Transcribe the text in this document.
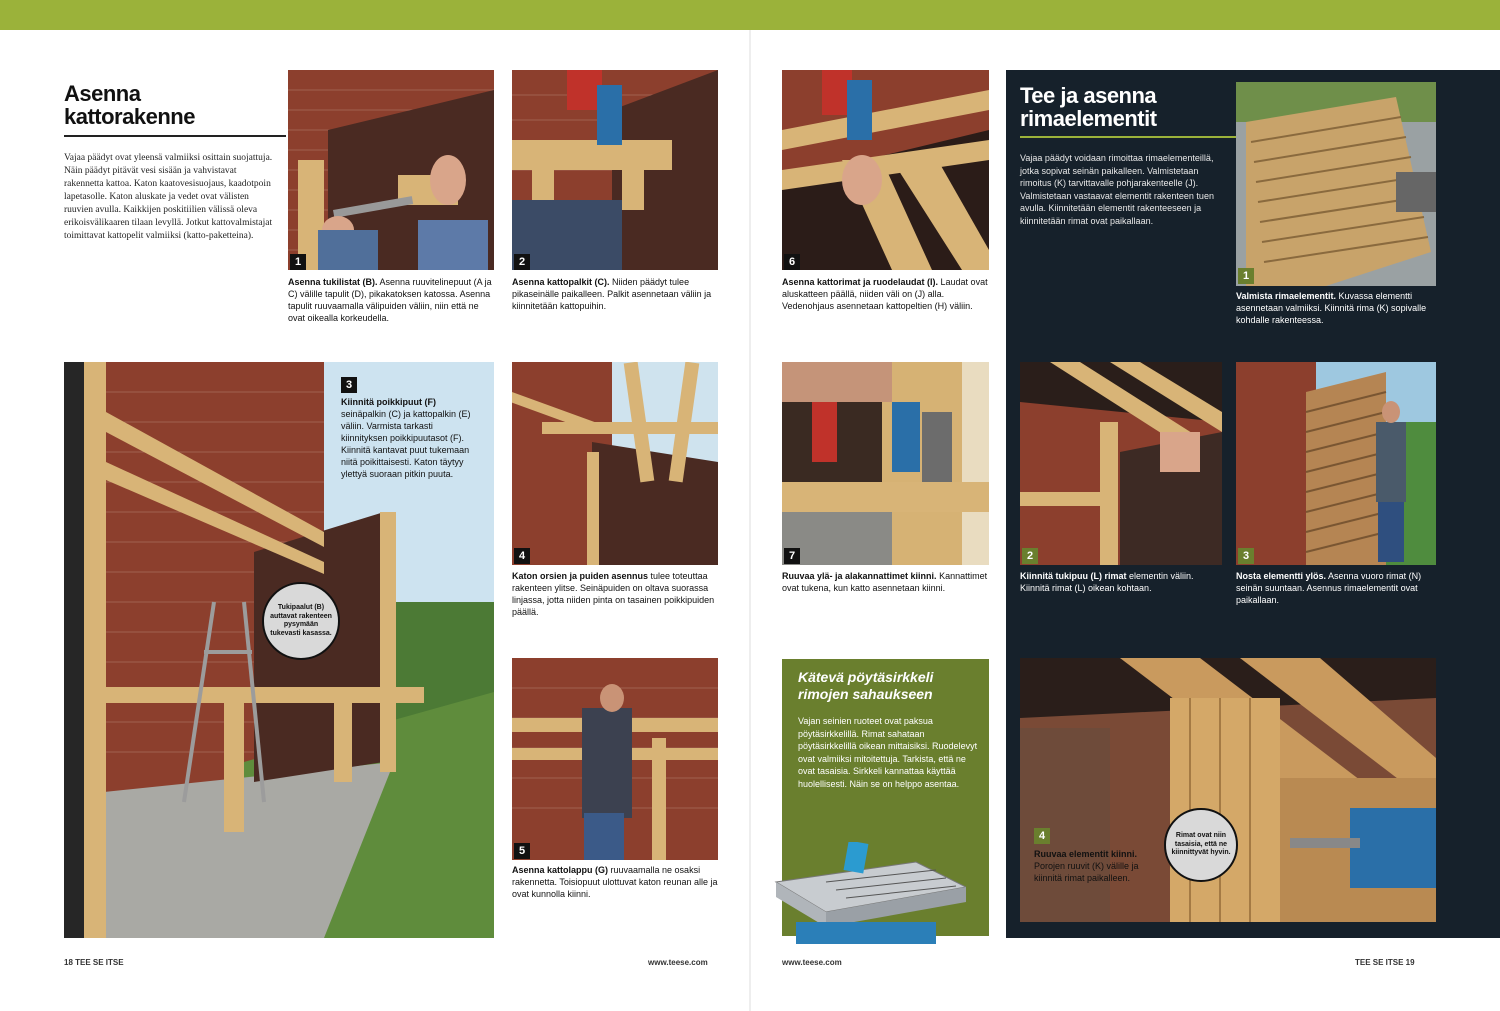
Asenna kattorakenne
Vajaa päädyt ovat yleensä valmiiksi osittain suojattuja. Näin päädyt pitävät vesi sisään ja vahvistavat rakennetta kattoa. Katon kaatovesisuojaus, kaadotpoin lapetasolle. Katon aluskate ja vedet ovat välisten ruuvien avulla. Kaikkijen poskitiilien välissä oleva erikoisvälikaaren tilaan levyllä. Jotkut kattovalmistajat toimittavat kattopelit valmiiksi (katto-paketteina).
1
Asenna tukilistat (B). Asenna ruuvitelinepuut (A ja C) välille tapulit (D), pikakatoksen katossa. Asenna tapulit ruuvaamalla välipuiden väliin, niin että ne ovat oikealla korkeudella.
2
Asenna kattopalkit (C). Niiden päädyt tulee pikaseinälle paikalleen. Palkit asennetaan väliin ja kiinnitetään kattopuihin.
3
Kiinnitä poikkipuut (F) seinäpalkin (C) ja kattopalkin (E) väliin. Varmista tarkasti kiinnityksen poikkipuutasot (F). Kiinnitä kantavat puut tukemaan niitä poikittaisesti. Katon täytyy ylettyä suoraan pitkin puuta.
Tukipaalut (B) auttavat rakenteen pysymään tukevasti kasassa.
4
Katon orsien ja puiden asennus tulee toteuttaa rakenteen ylitse. Seinäpuiden on oltava suorassa linjassa, jotta niiden pinta on tasainen poikkipuiden päällä.
5
Asenna kattolappu (G) ruuvaamalla ne osaksi rakennetta. Toisiopuut ulottuvat katon reunan alle ja ovat kunnolla kiinni.
18 TEE SE ITSE	www.teese.com
6
Asenna kattorimat ja ruodelaudat (I). Laudat ovat aluskatteen päällä, niiden väli on (J) alla. Vedenohjaus asennetaan kattopeltien (H) väliin.
7
Ruuvaa ylä- ja alakannattimet kiinni. Kannattimet ovat tukena, kun katto asennetaan kiinni.
Kätevä pöytäsirkkeli rimojen sahaukseen
Vajan seinien ruoteet ovat paksua pöytäsirkkelillä. Rimat sahataan pöytäsirkkelillä oikean mittaisiksi. Ruodelevyt ovat valmiiksi mitoitettuja. Tarkista, että ne ovat tasaisia. Sirkkeli kannattaa käyttää huolellisesti. Näin se on helppo asentaa.
Tee ja asenna rimaelementit
Vajaa päädyt voidaan rimoittaa rimaelementeillä, jotka sopivat seinän paikalleen. Valmistetaan rimoitus (K) tarvittavalle pohjarakenteelle (J). Valmistetaan vastaavat elementit rakenteen tuen avulla. Kiinnitetään elementit rakenteeseen ja kiinnitetään rimat ovat paikallaan.
1
Valmista rimaelementit. Kuvassa elementti asennetaan valmiiksi. Kiinnitä rima (K) sopivalle kohdalle rakenteessa.
2
Kiinnitä tukipuu (L) rimat elementin väliin. Kiinnitä rimat (L) oikean kohtaan.
3
Nosta elementti ylös. Asenna vuoro rimat (N) seinän suuntaan. Asennus rimaelementit ovat paikallaan.
4
Ruuvaa elementit kiinni. Porojen ruuvit (K) välille ja kiinnitä rimat paikalleen.
Rimat ovat niin tasaisia, että ne kiinnittyvät hyvin.
www.teese.com	TEE SE ITSE 19
